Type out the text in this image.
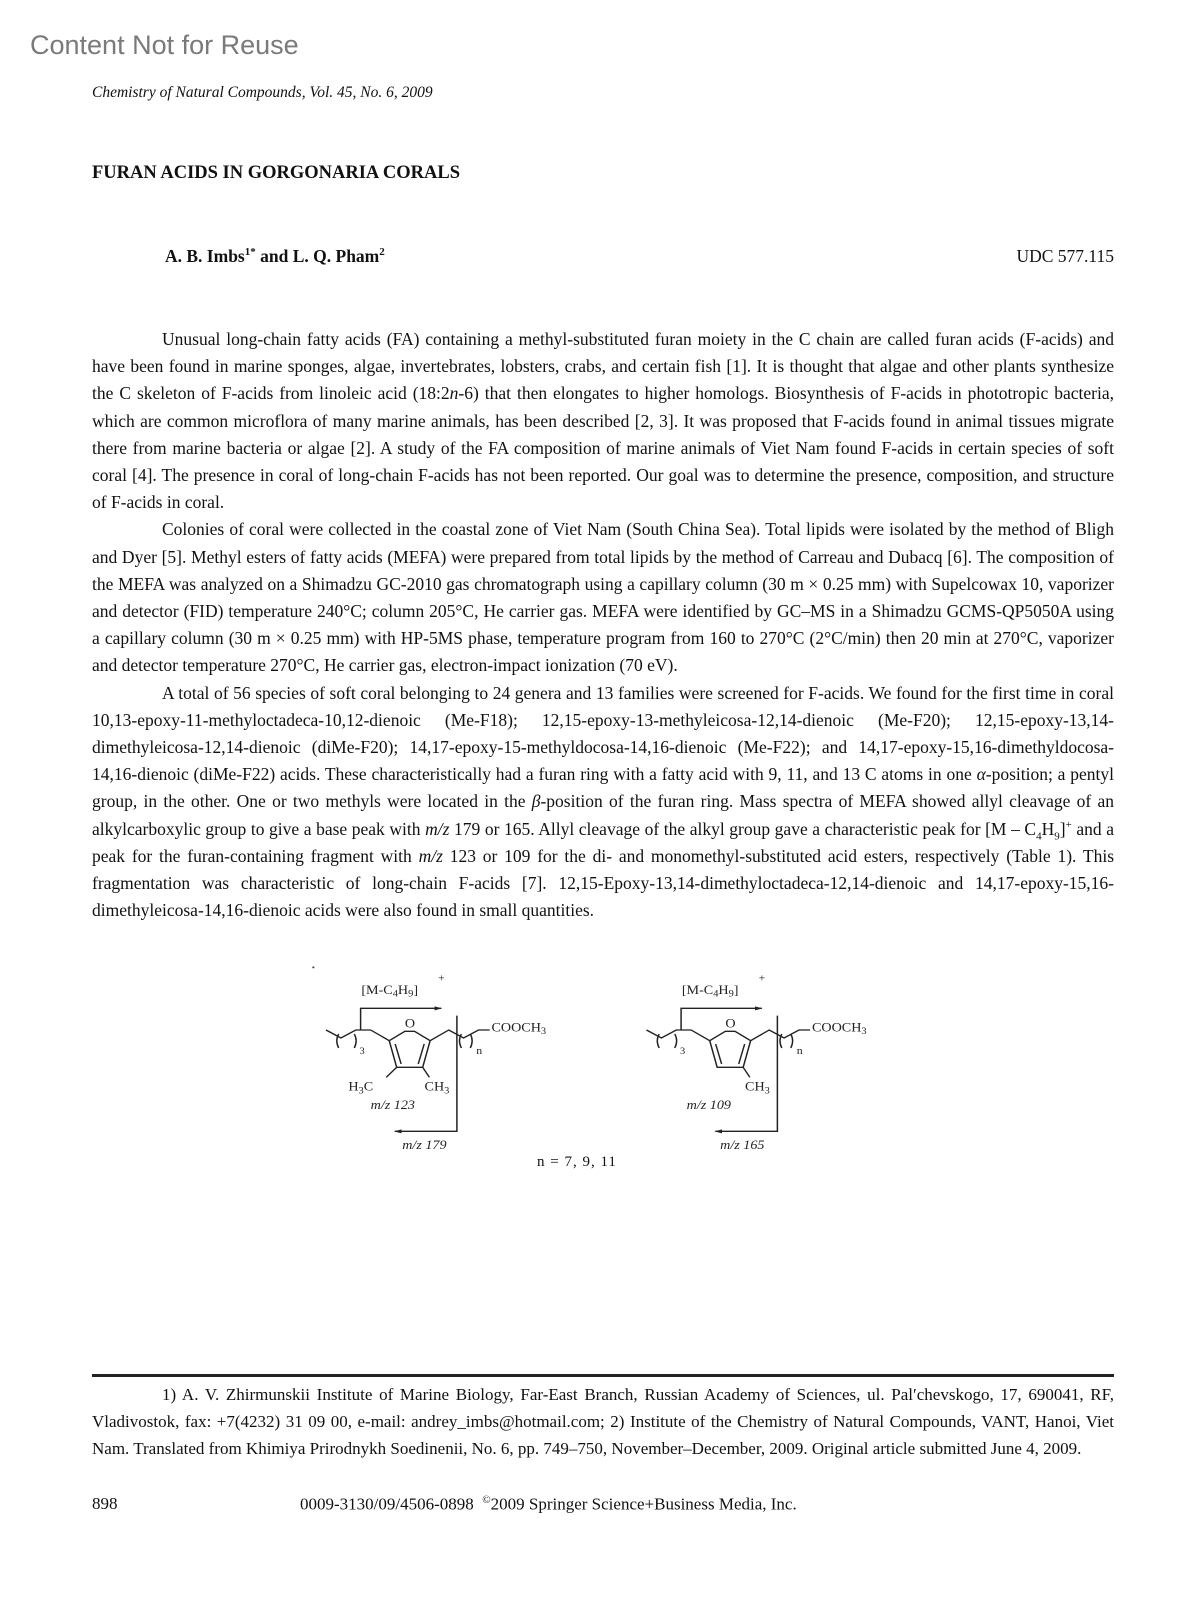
Content Not for Reuse
Chemistry of Natural Compounds, Vol. 45, No. 6, 2009
FURAN ACIDS IN GORGONARIA CORALS
A. B. Imbs$^{1*}$ and L. Q. Pham$^2$	UDC 577.115

Unusual long-chain fatty acids (FA) containing a methyl-substituted furan moiety in the C chain are called furan acids (F-acids) and have been found in marine sponges, algae, invertebrates, lobsters, crabs, and certain fish [1]. It is thought that algae and other plants synthesize the C skeleton of F-acids from linoleic acid (18:2n-6) that then elongates to higher homologs. Biosynthesis of F-acids in phototropic bacteria, which are common microflora of many marine animals, has been described [2, 3]. It was proposed that F-acids found in animal tissues migrate there from marine bacteria or algae [2]. A study of the FA composition of marine animals of Viet Nam found F-acids in certain species of soft coral [4]. The presence in coral of long-chain F-acids has not been reported. Our goal was to determine the presence, composition, and structure of F-acids in coral.

Colonies of coral were collected in the coastal zone of Viet Nam (South China Sea). Total lipids were isolated by the method of Bligh and Dyer [5]. Methyl esters of fatty acids (MEFA) were prepared from total lipids by the method of Carreau and Dubacq [6]. The composition of the MEFA was analyzed on a Shimadzu GC-2010 gas chromatograph using a capillary column (30 m × 0.25 mm) with Supelcowax 10, vaporizer and detector (FID) temperature 240°C; column 205°C, He carrier gas. MEFA were identified by GC–MS in a Shimadzu GCMS-QP5050A using a capillary column (30 m × 0.25 mm) with HP-5MS phase, temperature program from 160 to 270°C (2°C/min) then 20 min at 270°C, vaporizer and detector temperature 270°C, He carrier gas, electron-impact ionization (70 eV).

A total of 56 species of soft coral belonging to 24 genera and 13 families were screened for F-acids. We found for the first time in coral 10,13-epoxy-11-methyloctadeca-10,12-dienoic (Me-F18); 12,15-epoxy-13-methyleicosa-12,14-dienoic (Me-F20); 12,15-epoxy-13,14-dimethyleicosa-12,14-dienoic (diMe-F20); 14,17-epoxy-15-methyldocosa-14,16-dienoic (Me-F22); and 14,17-epoxy-15,16-dimethyldocosa-14,16-dienoic (diMe-F22) acids. These characteristically had a furan ring with a fatty acid with 9, 11, and 13 C atoms in one α-position; a pentyl group, in the other. One or two methyls were located in the β-position of the furan ring. Mass spectra of MEFA showed allyl cleavage of an alkylcarboxylic group to give a base peak with m/z 179 or 165. Allyl cleavage of the alkyl group gave a characteristic peak for $[M - C_4H_9]^+$ and a peak for the furan-containing fragment with m/z 123 or 109 for the di- and monomethyl-substituted acid esters, respectively (Table 1). This fragmentation was characteristic of long-chain F-acids [7]. 12,15-Epoxy-13,14-dimethyloctadeca-12,14-dienoic and 14,17-epoxy-15,16-dimethyleicosa-14,16-dienoic acids were also found in small quantities.

$[M-C_4H_9]$
+
O
3	n
$COOCH_3$
$H_3C$ $CH_3$
m/z 123
m/z 179
$[M-C_4H_9]$
+
O
3	n
$COOCH_3$
$CH_3$
m/z 109
m/z 165
n = 7, 9, 11

1) A. V. Zhirmunskii Institute of Marine Biology, Far-East Branch, Russian Academy of Sciences, ul. Pal′chevskogo, 17, 690041, RF, Vladivostok, fax: +7(4232) 31 09 00, e-mail: andrey_imbs@hotmail.com; 2) Institute of the Chemistry of Natural Compounds, VANT, Hanoi, Viet Nam. Translated from Khimiya Prirodnykh Soedinenii, No. 6, pp. 749–750, November–December, 2009. Original article submitted June 4, 2009.

898	0009-3130/09/4506-0898 ©2009 Springer Science+Business Media, Inc.
